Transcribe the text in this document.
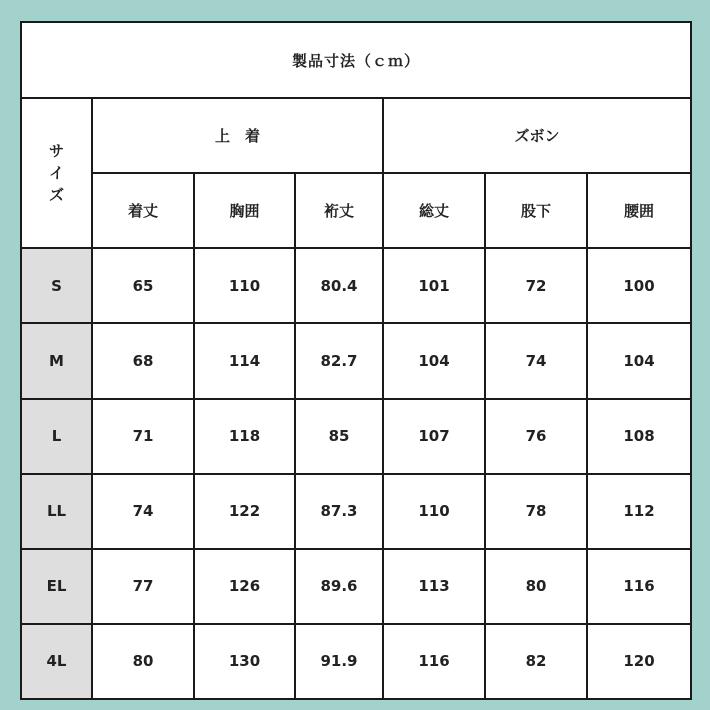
製品寸法（ｃｍ）						

サ
イ
ズ	上　着			ズボン		
	着丈	胸囲	裄丈	総丈	股下	腰囲
S	65	110	80.4	101	72	100
M	68	114	82.7	104	74	104
L	71	118	85	107	76	108
LL	74	122	87.3	110	78	112
EL	77	126	89.6	113	80	116
4L	80	130	91.9	116	82	120
